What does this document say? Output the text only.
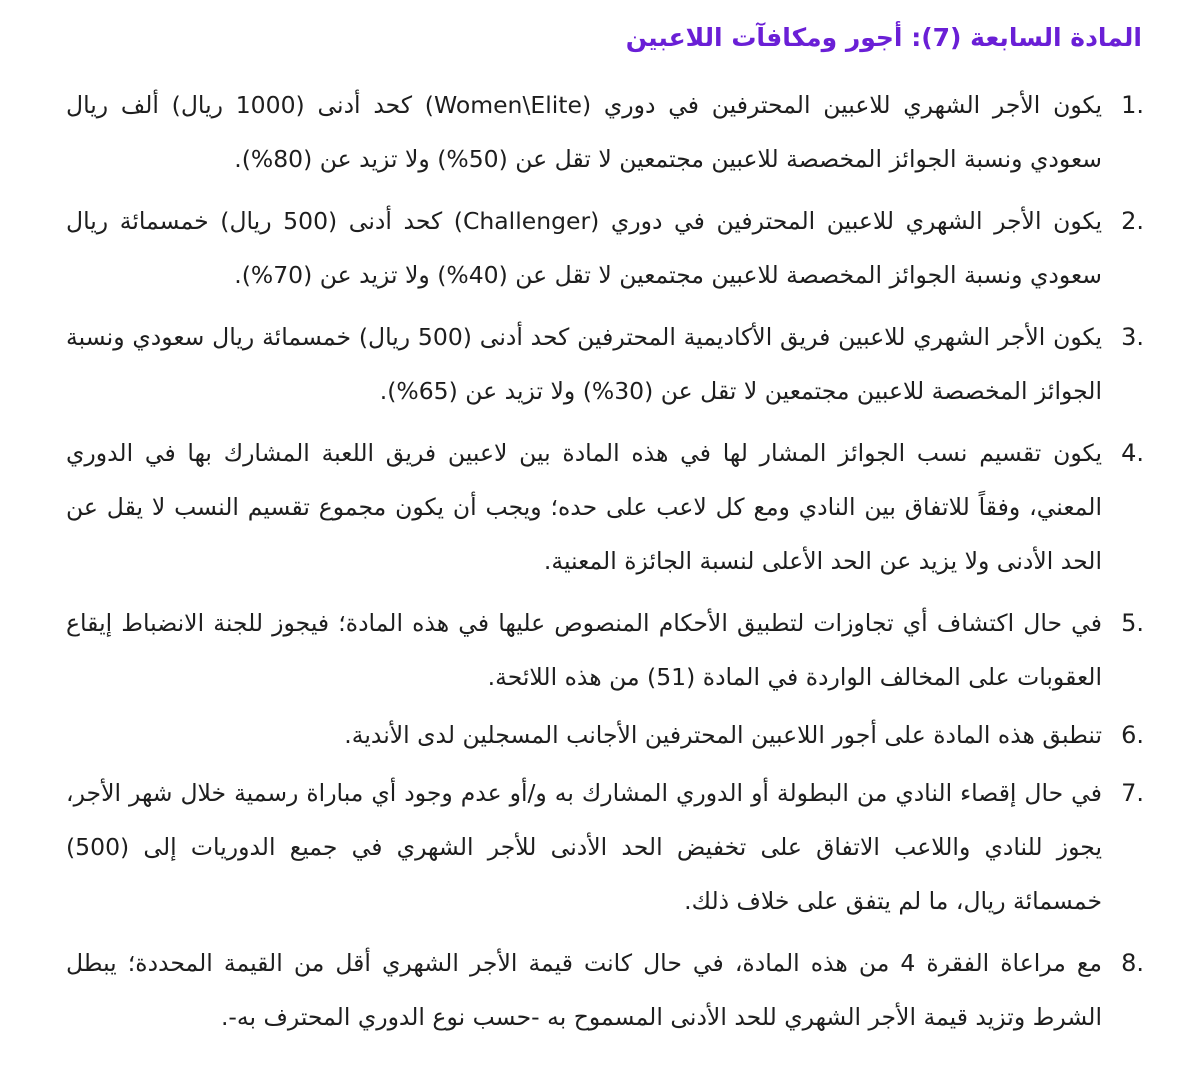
المادة السابعة (7): أجور ومكافآت اللاعبين
1.
يكون الأجر الشهري للاعبين المحترفين في دوري (Women\Elite) كحد أدنى (1000 ريال) ألف ريال سعودي ونسبة الجوائز المخصصة للاعبين مجتمعين لا تقل عن (50%) ولا تزيد عن (80%).
2.
يكون الأجر الشهري للاعبين المحترفين في دوري (Challenger) كحد أدنى (500 ريال) خمسمائة ريال سعودي ونسبة الجوائز المخصصة للاعبين مجتمعين لا تقل عن (40%) ولا تزيد عن (70%).
3.
يكون الأجر الشهري للاعبين فريق الأكاديمية المحترفين كحد أدنى (500 ريال) خمسمائة ريال سعودي ونسبة الجوائز المخصصة للاعبين مجتمعين لا تقل عن (30%) ولا تزيد عن (65%).
4.
يكون تقسيم نسب الجوائز المشار لها في هذه المادة بين لاعبين فريق اللعبة المشارك بها في الدوري المعني، وفقاً للاتفاق بين النادي ومع كل لاعب على حده؛ ويجب أن يكون مجموع تقسيم النسب لا يقل عن الحد الأدنى ولا يزيد عن الحد الأعلى لنسبة الجائزة المعنية.
5.
في حال اكتشاف أي تجاوزات لتطبيق الأحكام المنصوص عليها في هذه المادة؛ فيجوز للجنة الانضباط إيقاع العقوبات على المخالف الواردة في المادة (51) من هذه اللائحة.
6.
تنطبق هذه المادة على أجور اللاعبين المحترفين الأجانب المسجلين لدى الأندية.
7.
في حال إقصاء النادي من البطولة أو الدوري المشارك به و/أو عدم وجود أي مباراة رسمية خلال شهر الأجر، يجوز للنادي واللاعب الاتفاق على تخفيض الحد الأدنى للأجر الشهري في جميع الدوريات إلى (500) خمسمائة ريال، ما لم يتفق على خلاف ذلك.
8.
مع مراعاة الفقرة 4 من هذه المادة، في حال كانت قيمة الأجر الشهري أقل من القيمة المحددة؛ يبطل الشرط وتزيد قيمة الأجر الشهري للحد الأدنى المسموح به -حسب نوع الدوري المحترف به-.
